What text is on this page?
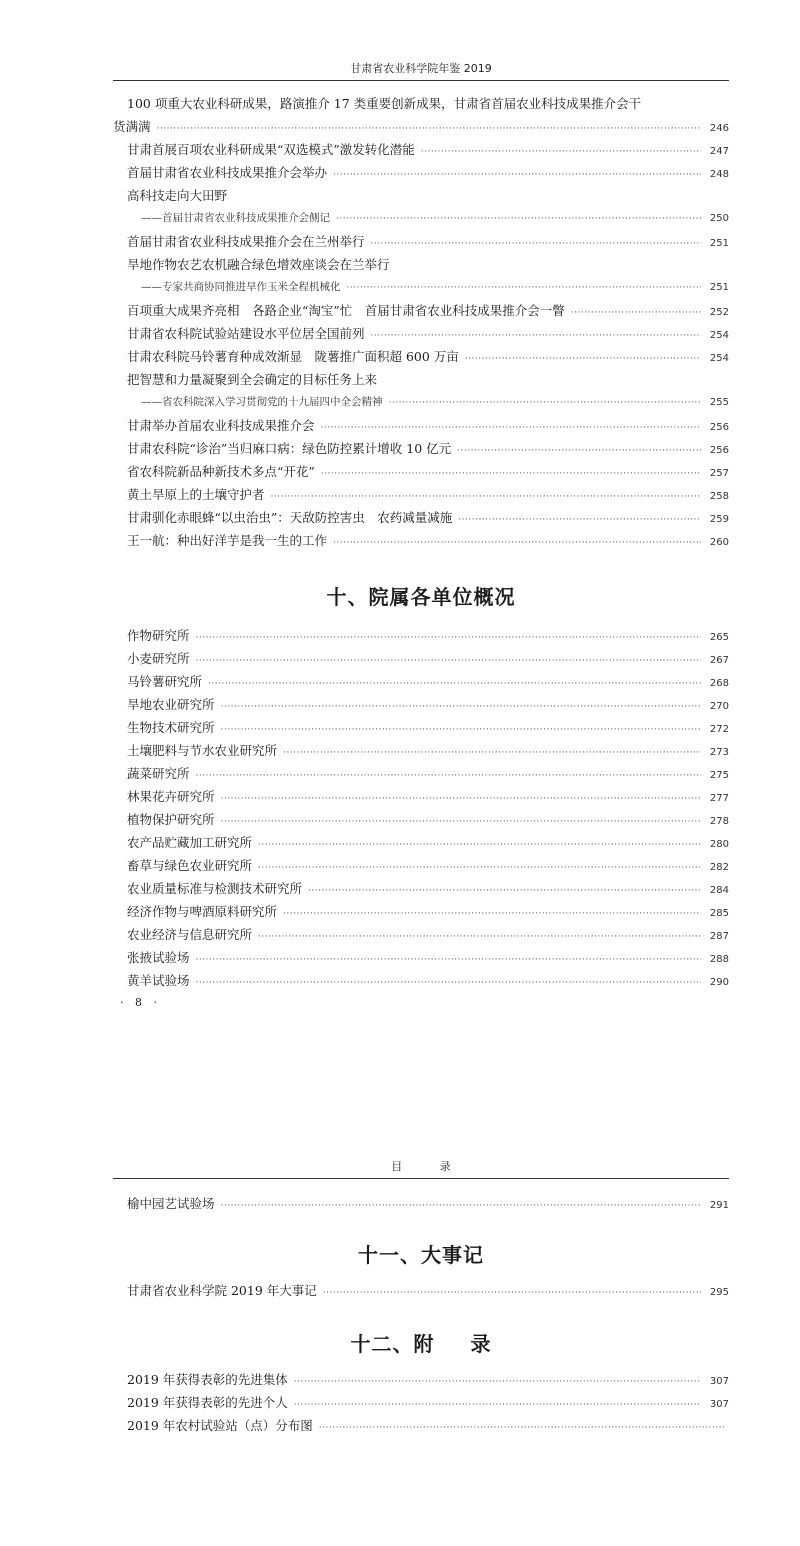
甘肃省农业科学院年鉴 2019
100 项重大农业科研成果，路演推介 17 类重要创新成果，甘肃省首届农业科技成果推介会干
货满满 ·····	246
甘肃首展百项农业科研成果“双选模式”激发转化潜能 ·····	247
首届甘肃省农业科技成果推介会举办 ·····	248
高科技走向大田野
——首届甘肃省农业科技成果推介会侧记 ·····	250
首届甘肃省农业科技成果推介会在兰州举行 ·····	251
旱地作物农艺农机融合绿色增效座谈会在兰举行
——专家共商协同推进旱作玉米全程机械化 ·····	251
百项重大成果齐亮相　各路企业“淘宝”忙　首届甘肃省农业科技成果推介会一瞥 ·····	252
甘肃省农科院试验站建设水平位居全国前列 ·····	254
甘肃农科院马铃薯育种成效渐显　陇薯推广面积超 600 万亩 ·····	254
把智慧和力量凝聚到全会确定的目标任务上来
——省农科院深入学习贯彻党的十九届四中全会精神 ·····	255
甘肃举办首届农业科技成果推介会 ·····	256
甘肃农科院“诊治”当归麻口病：绿色防控累计增收 10 亿元 ·····	256
省农科院新品种新技术多点“开花” ·····	257
黄土旱原上的土壤守护者 ·····	258
甘肃驯化赤眼蜂“以虫治虫”：天敌防控害虫　农药减量减施 ·····	259
王一航：种出好洋芋是我一生的工作 ·····	260
十、院属各单位概况
作物研究所 ·····	265
小麦研究所 ·····	267
马铃薯研究所 ·····	268
旱地农业研究所 ·····	270
生物技术研究所 ·····	272
土壤肥料与节水农业研究所 ·····	273
蔬菜研究所 ·····	275
林果花卉研究所 ·····	277
植物保护研究所 ·····	278
农产品贮藏加工研究所 ·····	280
畜草与绿色农业研究所 ·····	282
农业质量标准与检测技术研究所 ·····	284
经济作物与啤酒原料研究所 ·····	285
农业经济与信息研究所 ·····	287
张掖试验场 ·····	288
黄羊试验场 ·····	290
· 8 ·
目 录
榆中园艺试验场 ·····	291
十一、大事记
甘肃省农业科学院 2019 年大事记 ·····	295
十二、附 录
2019 年获得表彰的先进集体 ·····	307
2019 年获得表彰的先进个人 ·····	307
2019 年农村试验站（点）分布图
·····
